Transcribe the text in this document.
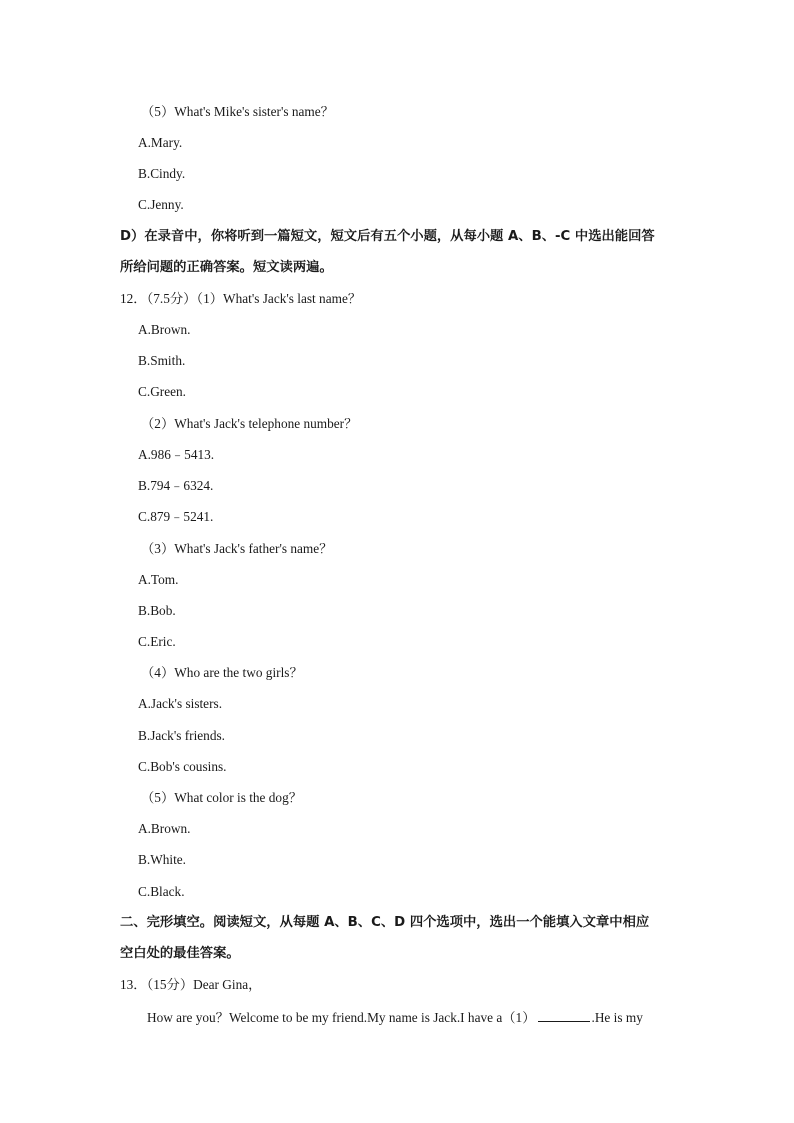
（5）What's Mike's sister's name？
A.Mary.
B.Cindy.
C.Jenny.
D）在录音中，你将听到一篇短文，短文后有五个小题，从每小题 A、B、-C 中选出能回答
所给问题的正确答案。短文读两遍。
12．（7.5分）（1）What's Jack's last name？
A.Brown.
B.Smith.
C.Green.
（2）What's Jack's telephone number？
A.986﹣5413.
B.794﹣6324.
C.879﹣5241.
（3）What's Jack's father's name？
A.Tom.
B.Bob.
C.Eric.
（4）Who are the two girls？
A.Jack's sisters.
B.Jack's friends.
C.Bob's cousins.
（5）What color is the dog？
A.Brown.
B.White.
C.Black.
二、完形填空。阅读短文，从每题 A、B、C、D 四个选项中，选出一个能填入文章中相应
空白处的最佳答案。
13．（15分）Dear Gina，
How are you？Welcome to be my friend.My name is Jack.I have a（1）	.He is my
